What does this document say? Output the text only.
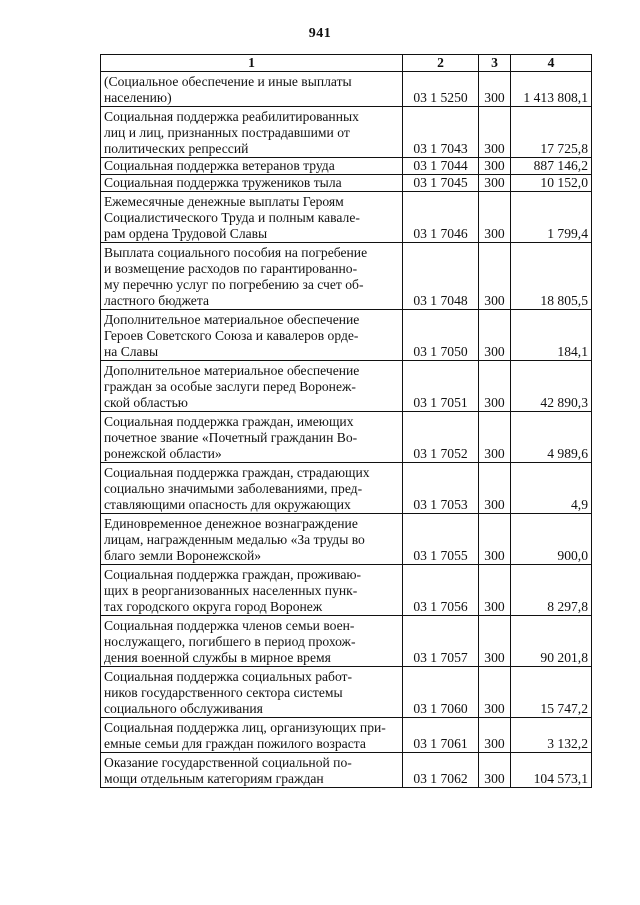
941
1	2	3	4

(Социальное обеспечение и иные выплаты
населению)	03 1 5250	300	1 413 808,1

Социальная поддержка реабилитированных
лиц и лиц, признанных пострадавшими от
политических репрессий	03 1 7043	300	17 725,8

Социальная поддержка ветеранов труда	03 1 7044	300	887 146,2

Социальная поддержка тружеников тыла	03 1 7045	300	10 152,0

Ежемесячные денежные выплаты Героям
Социалистического Труда и полным кавале-
рам ордена Трудовой Славы	03 1 7046	300	1 799,4

Выплата социального пособия на погребение
и возмещение расходов по гарантированно-
му перечню услуг по погребению за счет об-
ластного бюджета	03 1 7048	300	18 805,5

Дополнительное материальное обеспечение
Героев Советского Союза и кавалеров орде-
на Славы	03 1 7050	300	184,1

Дополнительное материальное обеспечение
граждан за особые заслуги перед Воронеж-
ской областью	03 1 7051	300	42 890,3

Социальная поддержка граждан, имеющих
почетное звание «Почетный гражданин Во-
ронежской области»	03 1 7052	300	4 989,6

Социальная поддержка граждан, страдающих
социально значимыми заболеваниями, пред-
ставляющими опасность для окружающих	03 1 7053	300	4,9

Единовременное денежное вознаграждение
лицам, награжденным медалью «За труды во
благо земли Воронежской»	03 1 7055	300	900,0

Социальная поддержка граждан, проживаю-
щих в реорганизованных населенных пунк-
тах городского округа город Воронеж	03 1 7056	300	8 297,8

Социальная поддержка членов семьи воен-
нослужащего, погибшего в период прохож-
дения военной службы в мирное время	03 1 7057	300	90 201,8

Социальная поддержка социальных работ-
ников государственного сектора системы
социального обслуживания	03 1 7060	300	15 747,2

Социальная поддержка лиц, организующих при-
емные семьи для граждан пожилого возраста	03 1 7061	300	3 132,2

Оказание государственной социальной по-
мощи отдельным категориям граждан	03 1 7062	300	104 573,1
